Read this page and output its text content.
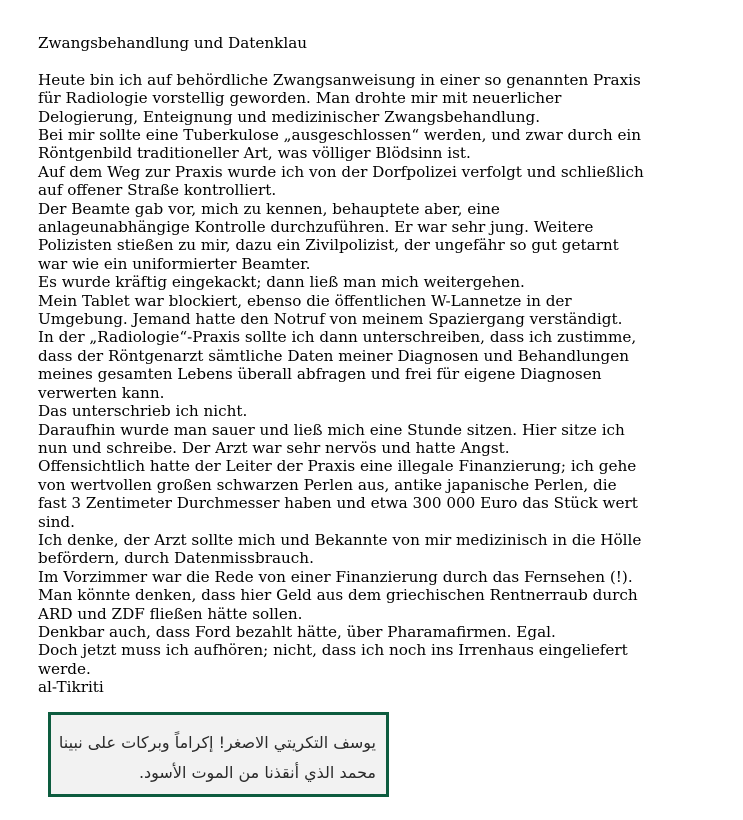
Zwangsbehandlung und Datenklau
Heute bin ich auf behördliche Zwangsanweisung in einer so genannten Praxis
für Radiologie vorstellig geworden. Man drohte mir mit neuerlicher
Delogierung, Enteignung und medizinischer Zwangsbehandlung.
Bei mir sollte eine Tuberkulose „ausgeschlossen“ werden, und zwar durch ein
Röntgenbild traditioneller Art, was völliger Blödsinn ist.
Auf dem Weg zur Praxis wurde ich von der Dorfpolizei verfolgt und schließlich
auf offener Straße kontrolliert.
Der Beamte gab vor, mich zu kennen, behauptete aber, eine
anlageunabhängige Kontrolle durchzuführen. Er war sehr jung. Weitere
Polizisten stießen zu mir, dazu ein Zivilpolizist, der ungefähr so gut getarnt
war wie ein uniformierter Beamter.
Es wurde kräftig eingekackt; dann ließ man mich weitergehen.
Mein Tablet war blockiert, ebenso die öffentlichen W-Lannetze in der
Umgebung. Jemand hatte den Notruf von meinem Spaziergang verständigt.
In der „Radiologie“-Praxis sollte ich dann unterschreiben, dass ich zustimme,
dass der Röntgenarzt sämtliche Daten meiner Diagnosen und Behandlungen
meines gesamten Lebens überall abfragen und frei für eigene Diagnosen
verwerten kann.
Das unterschrieb ich nicht.
Daraufhin wurde man sauer und ließ mich eine Stunde sitzen. Hier sitze ich
nun und schreibe. Der Arzt war sehr nervös und hatte Angst.
Offensichtlich hatte der Leiter der Praxis eine illegale Finanzierung; ich gehe
von wertvollen großen schwarzen Perlen aus, antike japanische Perlen, die
fast 3 Zentimeter Durchmesser haben und etwa 300 000 Euro das Stück wert
sind.
Ich denke, der Arzt sollte mich und Bekannte von mir medizinisch in die Hölle
befördern, durch Datenmissbrauch.
Im Vorzimmer war die Rede von einer Finanzierung durch das Fernsehen (!).
Man könnte denken, dass hier Geld aus dem griechischen Rentnerraub durch
ARD und ZDF fließen hätte sollen.
Denkbar auch, dass Ford bezahlt hätte, über Pharamafirmen. Egal.
Doch jetzt muss ich aufhören; nicht, dass ich noch ins Irrenhaus eingeliefert
werde.
al-Tikriti
يوسف التكريتي الاصغر! إكراماً وبركات على نبينا
محمد الذي أنقذنا من الموت الأسود.
